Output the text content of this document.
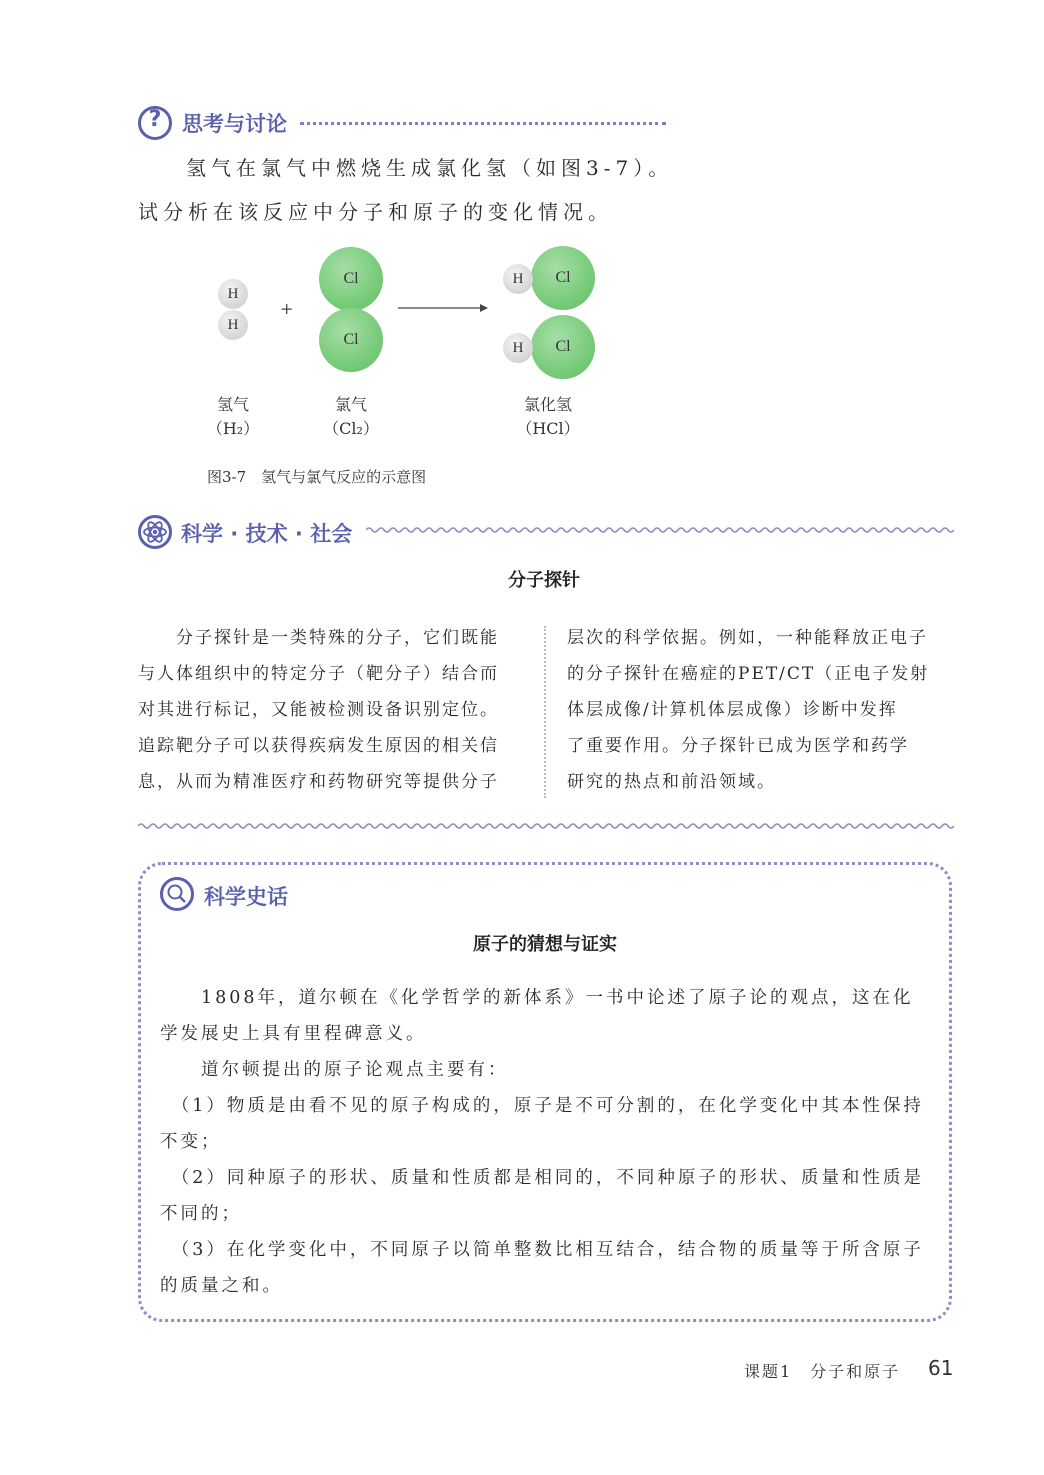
? 思考与讨论
氢气在氯气中燃烧生成氯化氢（如图3-7）。
试分析在该反应中分子和原子的变化情况。
H
H
+
Cl
Cl
Cl
H
Cl
H
氢气
（H₂）
氯气
（Cl₂）
氯化氢
（HCl）
图3-7　氢气与氯气反应的示意图
科学 · 技术 · 社会
分子探针
　　分子探针是一类特殊的分子，它们既能
与人体组织中的特定分子（靶分子）结合而
对其进行标记，又能被检测设备识别定位。
追踪靶分子可以获得疾病发生原因的相关信
息，从而为精准医疗和药物研究等提供分子
层次的科学依据。例如，一种能释放正电子
的分子探针在癌症的PET/CT（正电子发射
体层成像/计算机体层成像）诊断中发挥
了重要作用。分子探针已成为医学和药学
研究的热点和前沿领域。
科学史话
原子的猜想与证实

　　1808年，道尔顿在《化学哲学的新体系》一书中论述了原子论的观点，这在化学发展史上具有里程碑意义。

　　道尔顿提出的原子论观点主要有：

　（1）物质是由看不见的原子构成的，原子是不可分割的，在化学变化中其本性保持不变；

　（2）同种原子的形状、质量和性质都是相同的，不同种原子的形状、质量和性质是不同的；

　（3）在化学变化中，不同原子以简单整数比相互结合，结合物的质量等于所含原子的质量之和。

课题1　分子和原子 61
